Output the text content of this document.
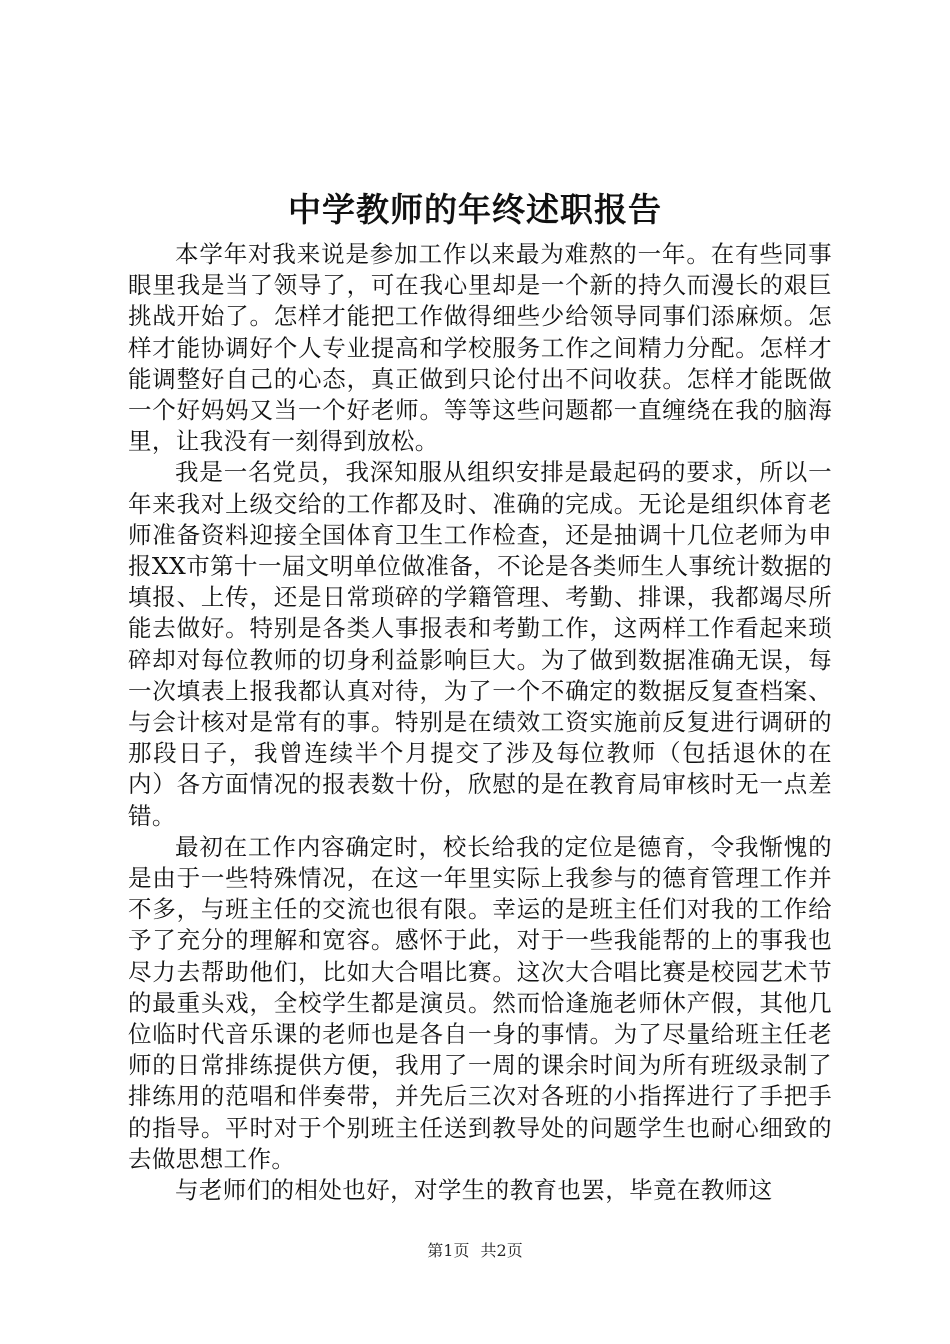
中学教师的年终述职报告

本学年对我来说是参加工作以来最为难熬的一年。在有些同事眼里我是当了领导了，可在我心里却是一个新的持久而漫长的艰巨挑战开始了。怎样才能把工作做得细些少给领导同事们添麻烦。怎样才能协调好个人专业提高和学校服务工作之间精力分配。怎样才能调整好自己的心态，真正做到只论付出不问收获。怎样才能既做一个好妈妈又当一个好老师。等等这些问题都一直缠绕在我的脑海里，让我没有一刻得到放松。

我是一名党员，我深知服从组织安排是最起码的要求，所以一年来我对上级交给的工作都及时、准确的完成。无论是组织体育老师准备资料迎接全国体育卫生工作检查，还是抽调十几位老师为申报XX市第十一届文明单位做准备，不论是各类师生人事统计数据的填报、上传，还是日常琐碎的学籍管理、考勤、排课，我都竭尽所能去做好。特别是各类人事报表和考勤工作，这两样工作看起来琐碎却对每位教师的切身利益影响巨大。为了做到数据准确无误，每一次填表上报我都认真对待，为了一个不确定的数据反复查档案、与会计核对是常有的事。特别是在绩效工资实施前反复进行调研的那段日子，我曾连续半个月提交了涉及每位教师（包括退休的在内）各方面情况的报表数十份，欣慰的是在教育局审核时无一点差错。

最初在工作内容确定时，校长给我的定位是德育，令我惭愧的是由于一些特殊情况，在这一年里实际上我参与的德育管理工作并不多，与班主任的交流也很有限。幸运的是班主任们对我的工作给予了充分的理解和宽容。感怀于此，对于一些我能帮的上的事我也尽力去帮助他们，比如大合唱比赛。这次大合唱比赛是校园艺术节的最重头戏，全校学生都是演员。然而恰逢施老师休产假，其他几位临时代音乐课的老师也是各自一身的事情。为了尽量给班主任老师的日常排练提供方便，我用了一周的课余时间为所有班级录制了排练用的范唱和伴奏带，并先后三次对各班的小指挥进行了手把手的指导。平时对于个别班主任送到教导处的问题学生也耐心细致的去做思想工作。

与老师们的相处也好，对学生的教育也罢，毕竟在教师这

第1页 共2页
